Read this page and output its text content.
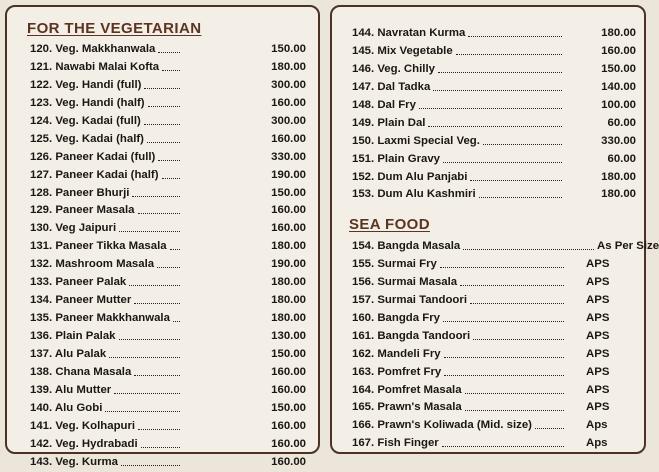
FOR THE VEGETARIAN
120. Veg. Makkhanwala	150.00
121. Nawabi Malai Kofta	180.00
122. Veg. Handi (full)	300.00
123. Veg. Handi (half)	160.00
124. Veg. Kadai (full)	300.00
125. Veg. Kadai (half)	160.00
126. Paneer Kadai (full)	330.00
127. Paneer Kadai (half)	190.00
128. Paneer Bhurji	150.00
129. Paneer Masala	160.00
130. Veg Jaipuri	160.00
131. Paneer Tikka Masala	180.00
132. Mashroom Masala	190.00
133. Paneer Palak	180.00
134. Paneer Mutter	180.00
135. Paneer Makkhanwala	180.00
136. Plain Palak	130.00
137. Alu Palak	150.00
138. Chana Masala	160.00
139. Alu Mutter	160.00
140. Alu Gobi	150.00
141. Veg. Kolhapuri	160.00
142. Veg. Hydrabadi	160.00
143. Veg. Kurma	160.00
144. Navratan Kurma	180.00
145. Mix Vegetable	160.00
146. Veg. Chilly	150.00
147. Dal Tadka	140.00
148. Dal Fry	100.00
149. Plain Dal	60.00
150. Laxmi Special Veg.	330.00
151. Plain Gravy	60.00
152. Dum Alu Panjabi	180.00
153. Dum Alu Kashmiri	180.00
SEA FOOD
154. Bangda Masala	As Per Size
155. Surmai Fry	APS
156. Surmai Masala	APS
157. Surmai Tandoori	APS
160. Bangda Fry	APS
161. Bangda Tandoori	APS
162. Mandeli Fry	APS
163. Pomfret Fry	APS
164. Pomfret Masala	APS
165. Prawn's Masala	APS
166. Prawn's Koliwada (Mid. size)	Aps
167. Fish Finger	Aps
